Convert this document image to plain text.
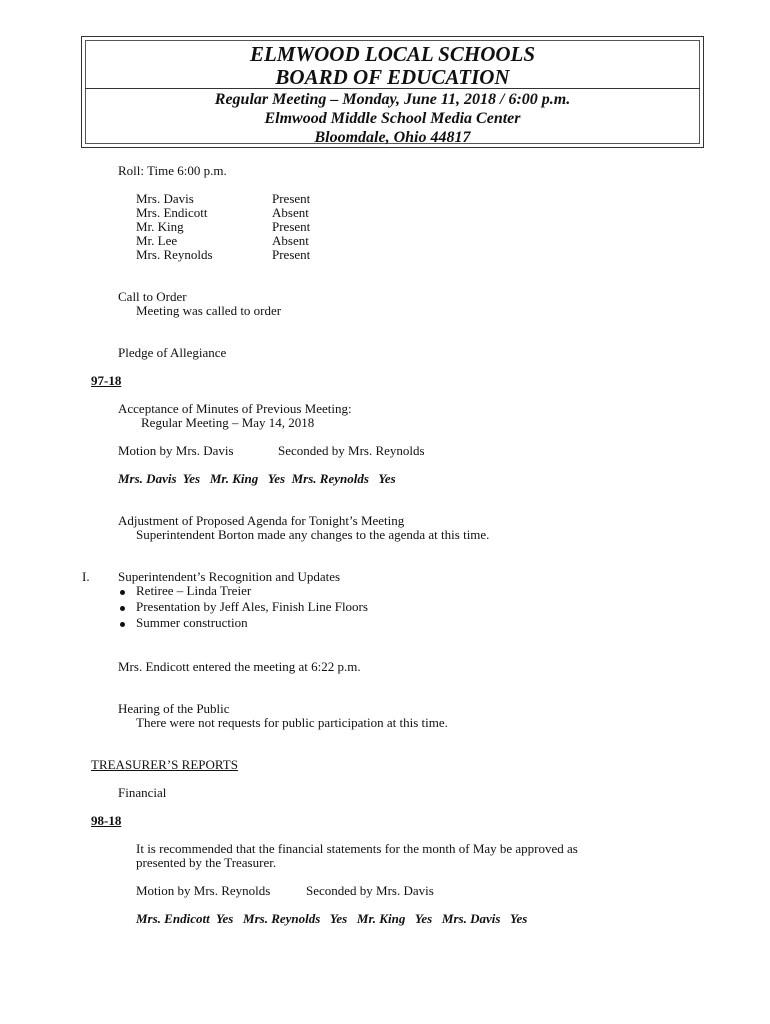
ELMWOOD LOCAL SCHOOLS
BOARD OF EDUCATION
Regular Meeting – Monday, June 11, 2018 / 6:00 p.m.
Elmwood Middle School Media Center
Bloomdale, Ohio 44817
Roll: Time 6:00 p.m.
Mrs. Davis	Present
Mrs. Endicott	Absent
Mr. King	Present
Mr. Lee	Absent
Mrs. Reynolds	Present
Call to Order
Meeting was called to order
Pledge of Allegiance
97-18
Acceptance of Minutes of Previous Meeting:
Regular Meeting – May 14, 2018
Motion by Mrs. Davis	Seconded by Mrs. Reynolds
Mrs. Davis  Yes   Mr. King   Yes  Mrs. Reynolds   Yes
Adjustment of Proposed Agenda for Tonight’s Meeting
Superintendent Borton made any changes to the agenda at this time.
I. Superintendent’s Recognition and Updates
Retiree – Linda Treier
Presentation by Jeff Ales, Finish Line Floors
Summer construction
Mrs. Endicott entered the meeting at 6:22 p.m.
Hearing of the Public
There were not requests for public participation at this time.
TREASURER’S REPORTS
Financial
98-18
It is recommended that the financial statements for the month of May be approved as
presented by the Treasurer.
Motion by Mrs. Reynolds	Seconded by Mrs. Davis
Mrs. Endicott  Yes   Mrs. Reynolds   Yes   Mr. King   Yes   Mrs. Davis   Yes
